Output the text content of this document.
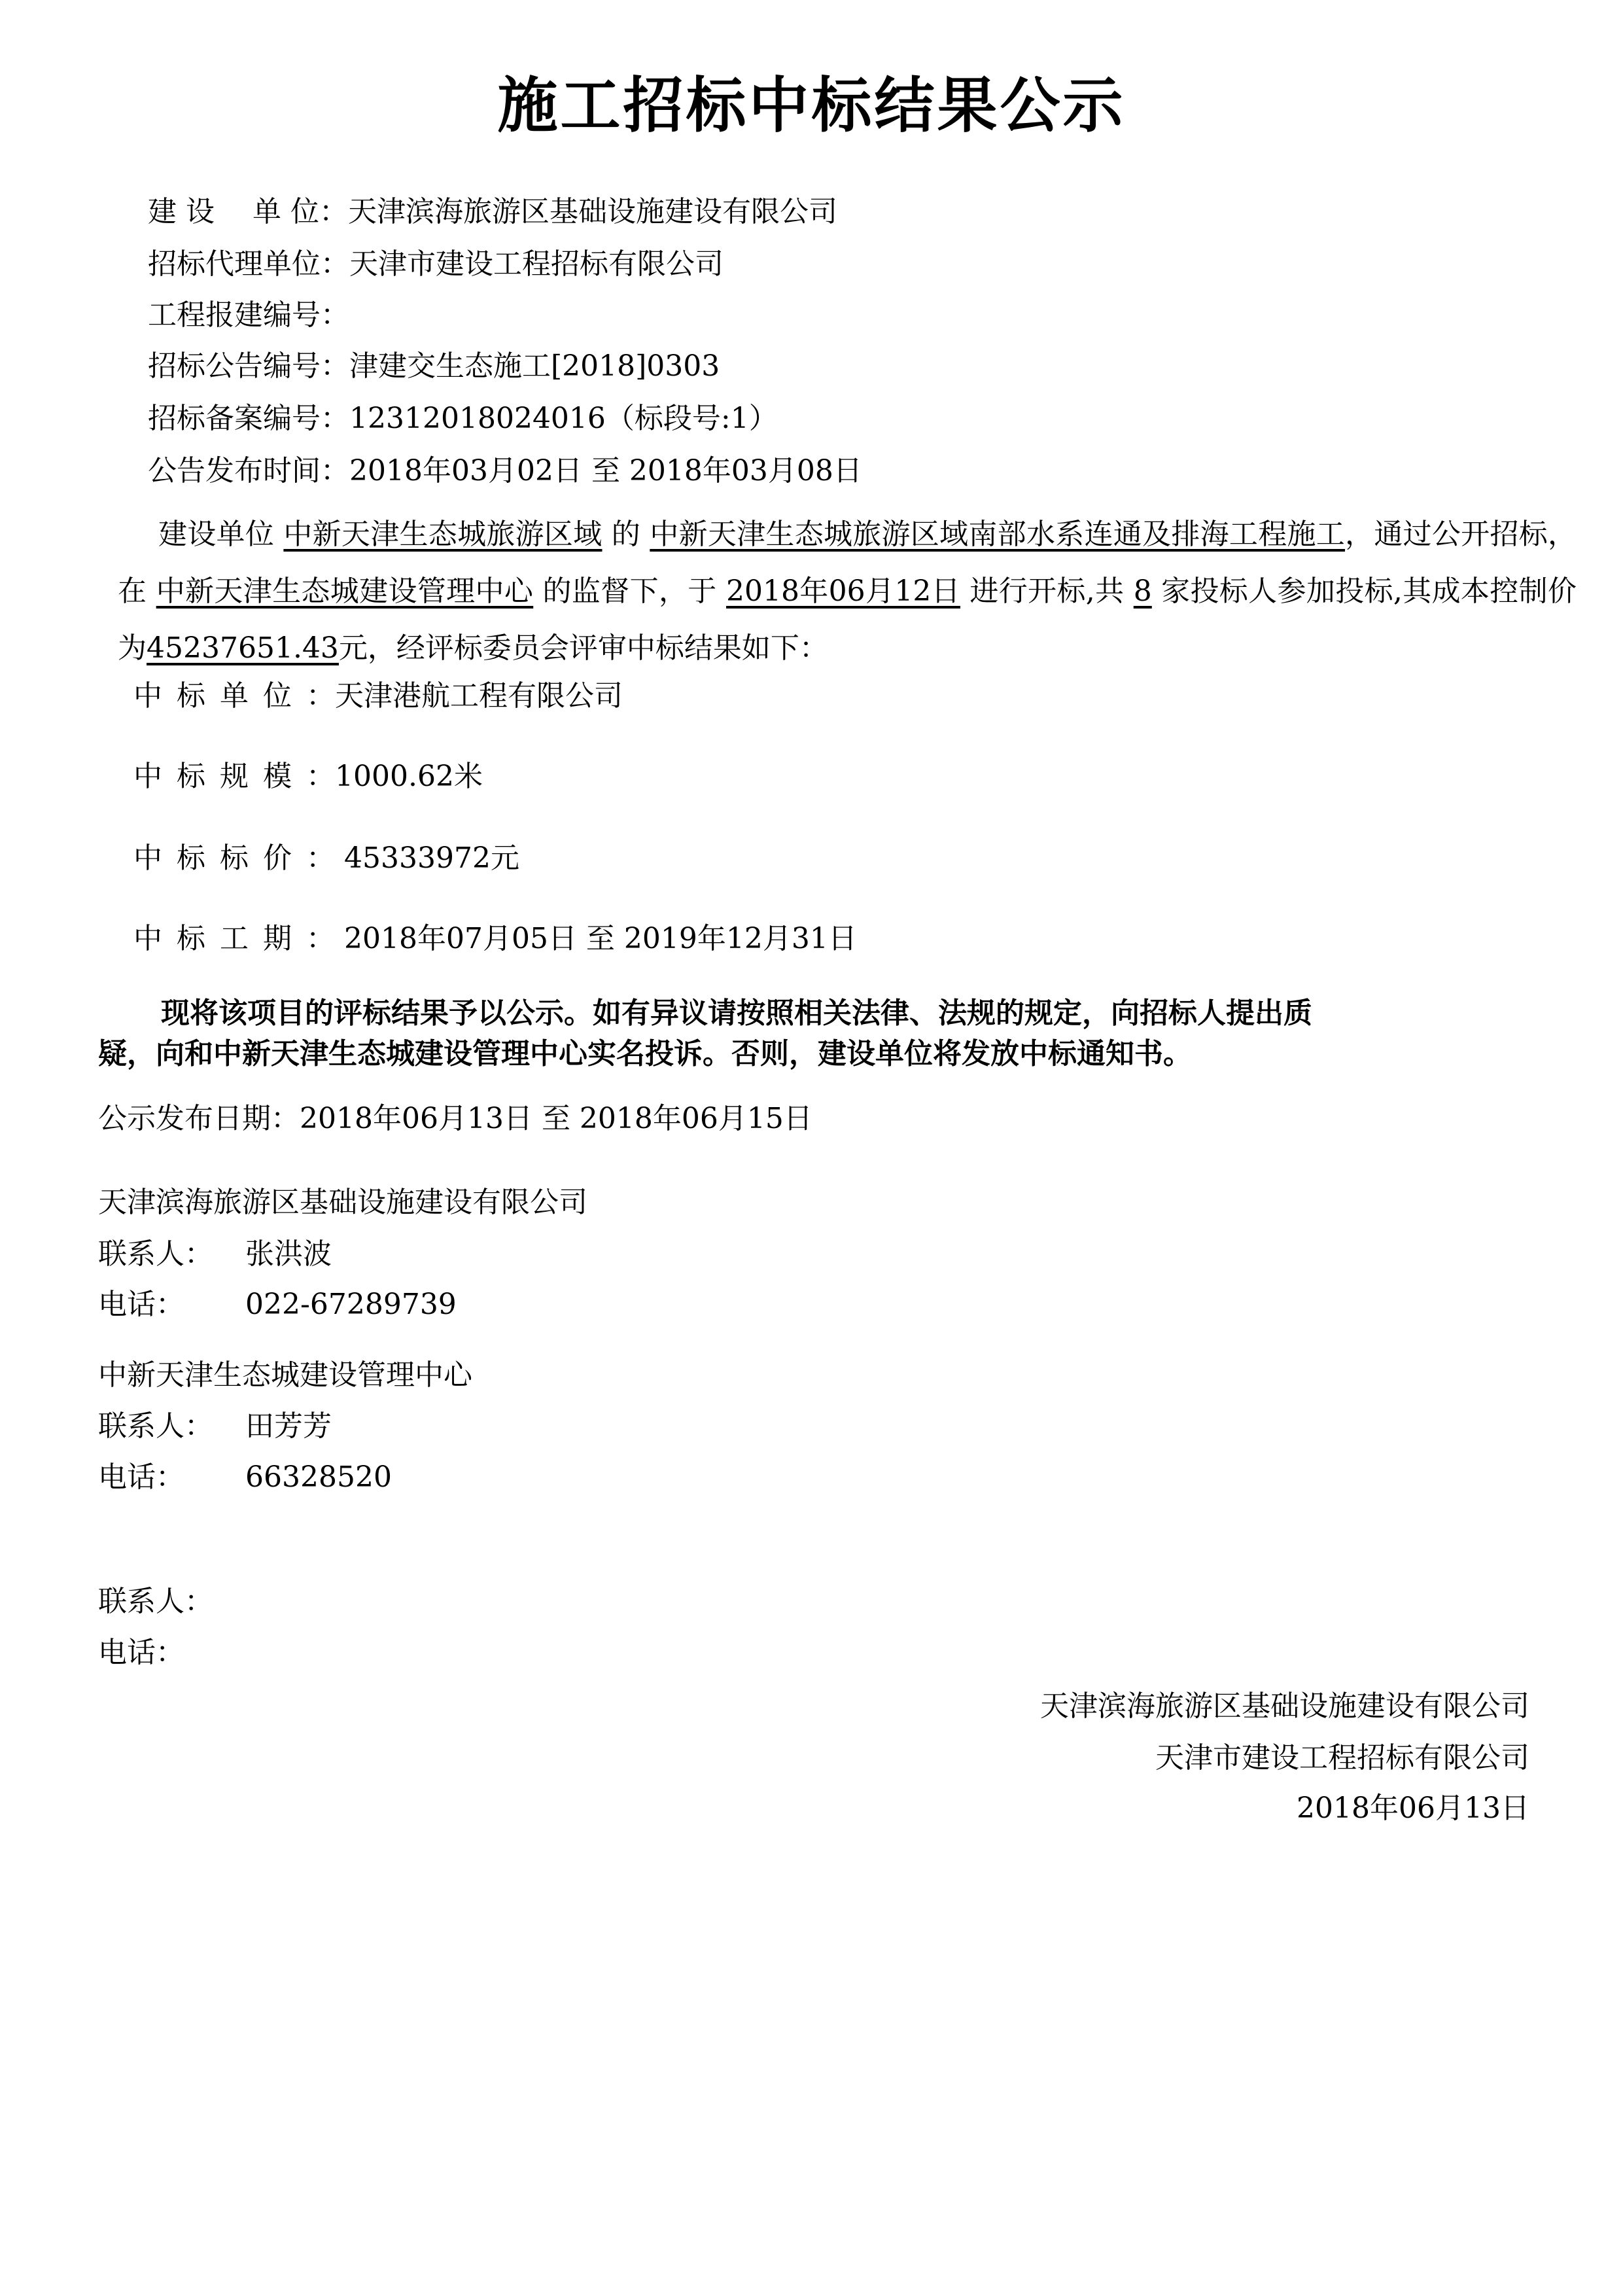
施工招标中标结果公示
建 设　 单 位：天津滨海旅游区基础设施建设有限公司
招标代理单位：天津市建设工程招标有限公司
工程报建编号：
招标公告编号：津建交生态施工[2018]0303
招标备案编号：12312018024016（标段号:1）
公告发布时间：2018年03月02日 至 2018年03月08日

建设单位 中新天津生态城旅游区域 的 中新天津生态城旅游区域南部水系连通及排海工程施工，通过公开招标，在 中新天津生态城建设管理中心 的监督下，于 2018年06月12日 进行开标,共 8 家投标人参加投标,其成本控制价为45237651.43元，经评标委员会评审中标结果如下：

中标单位：天津港航工程有限公司
中标规模：1000.62米
中标标价： 45333972元
中标工期： 2018年07月05日 至 2019年12月31日
现将该项目的评标结果予以公示。如有异议请按照相关法律、法规的规定，向招标人提出质
疑，向和中新天津生态城建设管理中心实名投诉。否则，建设单位将发放中标通知书。
公示发布日期：2018年06月13日 至 2018年06月15日
天津滨海旅游区基础设施建设有限公司
联系人： 张洪波
电话： 022-67289739
中新天津生态城建设管理中心
联系人： 田芳芳
电话： 66328520
联系人：
电话：
天津滨海旅游区基础设施建设有限公司
天津市建设工程招标有限公司
2018年06月13日
